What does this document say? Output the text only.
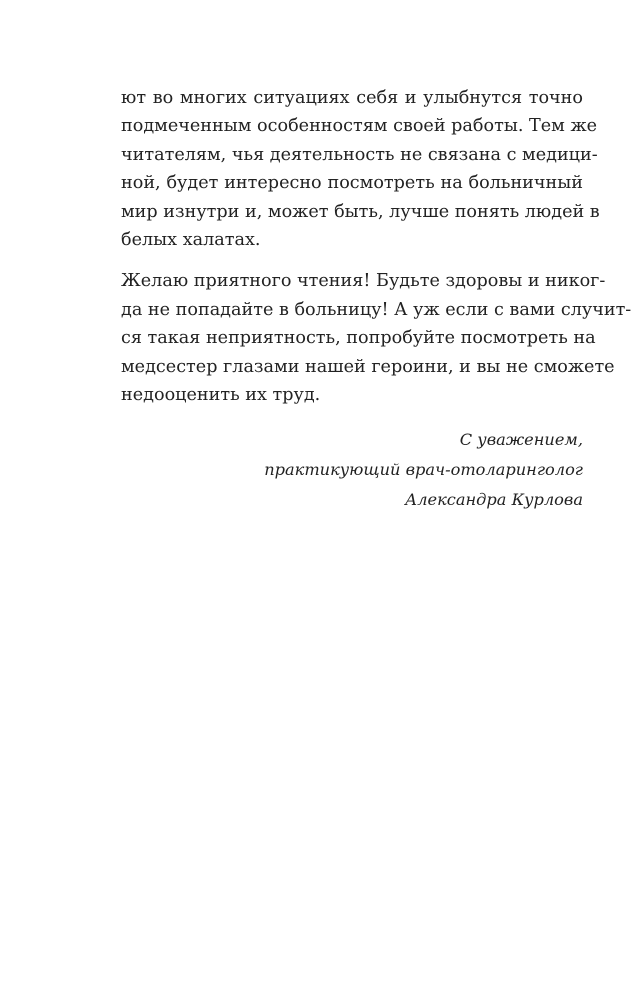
ют во многих ситуациях себя и улыбнутся точно
подмеченным особенностям своей работы. Тем же
читателям, чья деятельность не связана с медици-
ной, будет интересно посмотреть на больничный
мир изнутри и, может быть, лучше понять людей в
белых халатах.

Желаю приятного чтения! Будьте здоровы и никог-
да не попадайте в больницу! А уж если с вами случит-
ся такая неприятность, попробуйте посмотреть на
медсестер глазами нашей героини, и вы не сможете
недооценить их труд.

С уважением,
практикующий врач-отоларинголог
Александра Курлова
